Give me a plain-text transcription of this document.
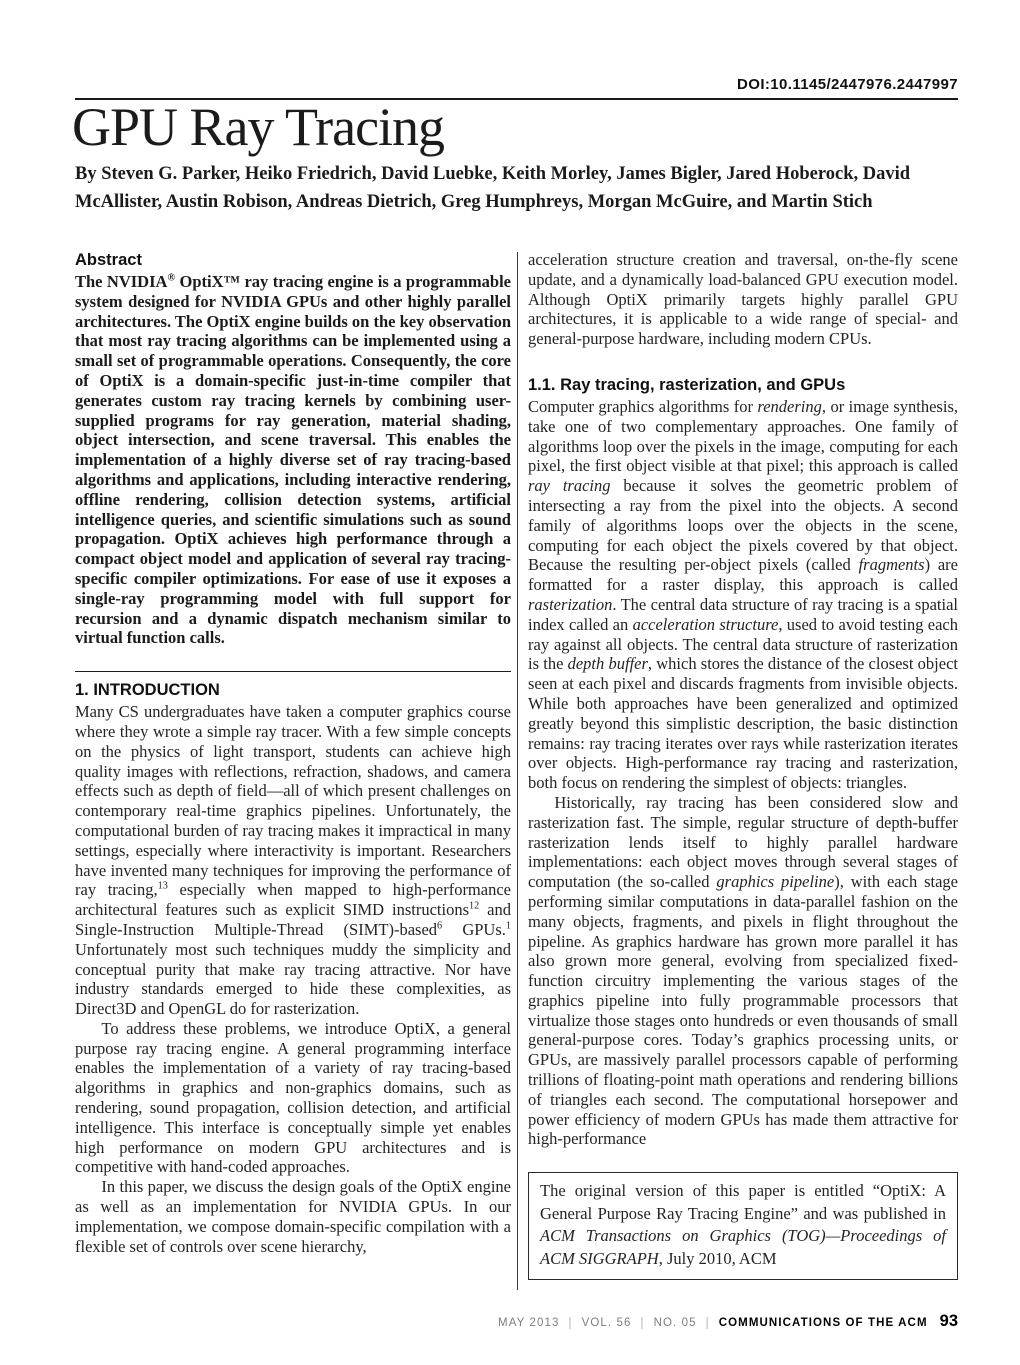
DOI:10.1145/2447976.2447997
GPU Ray Tracing
By Steven G. Parker, Heiko Friedrich, David Luebke, Keith Morley, James Bigler, Jared Hoberock, David McAllister, Austin Robison, Andreas Dietrich, Greg Humphreys, Morgan McGuire, and Martin Stich
Abstract

The NVIDIA® OptiX™ ray tracing engine is a programmable system designed for NVIDIA GPUs and other highly parallel architectures. The OptiX engine builds on the key observation that most ray tracing algorithms can be implemented using a small set of programmable operations. Consequently, the core of OptiX is a domain-specific just-in-time compiler that generates custom ray tracing kernels by combining user-supplied programs for ray generation, material shading, object intersection, and scene traversal. This enables the implementation of a highly diverse set of ray tracing-based algorithms and applications, including interactive rendering, offline rendering, collision detection systems, artificial intelligence queries, and scientific simulations such as sound propagation. OptiX achieves high performance through a compact object model and application of several ray tracing-specific compiler optimizations. For ease of use it exposes a single-ray programming model with full support for recursion and a dynamic dispatch mechanism similar to virtual function calls.

1. INTRODUCTION

Many CS undergraduates have taken a computer graphics course where they wrote a simple ray tracer. With a few simple concepts on the physics of light transport, students can achieve high quality images with reflections, refraction, shadows, and camera effects such as depth of field—all of which present challenges on contemporary real-time graphics pipelines. Unfortunately, the computational burden of ray tracing makes it impractical in many settings, especially where interactivity is important. Researchers have invented many techniques for improving the performance of ray tracing,$^{13}$ especially when mapped to high-performance architectural features such as explicit SIMD instructions$^{12}$ and Single-Instruction Multiple-Thread (SIMT)-based$^6$ GPUs.$^1$ Unfortunately most such techniques muddy the simplicity and conceptual purity that make ray tracing attractive. Nor have industry standards emerged to hide these complexities, as Direct3D and OpenGL do for rasterization.

To address these problems, we introduce OptiX, a general purpose ray tracing engine. A general programming interface enables the implementation of a variety of ray tracing-based algorithms in graphics and non-graphics domains, such as rendering, sound propagation, collision detection, and artificial intelligence. This interface is conceptually simple yet enables high performance on modern GPU architectures and is competitive with hand-coded approaches.

In this paper, we discuss the design goals of the OptiX engine as well as an implementation for NVIDIA GPUs. In our implementation, we compose domain-specific compilation with a flexible set of controls over scene hierarchy,

acceleration structure creation and traversal, on-the-fly scene update, and a dynamically load-balanced GPU execution model. Although OptiX primarily targets highly parallel GPU architectures, it is applicable to a wide range of special- and general-purpose hardware, including modern CPUs.

1.1. Ray tracing, rasterization, and GPUs

Computer graphics algorithms for rendering, or image synthesis, take one of two complementary approaches. One family of algorithms loop over the pixels in the image, computing for each pixel, the first object visible at that pixel; this approach is called ray tracing because it solves the geometric problem of intersecting a ray from the pixel into the objects. A second family of algorithms loops over the objects in the scene, computing for each object the pixels covered by that object. Because the resulting per-object pixels (called fragments) are formatted for a raster display, this approach is called rasterization. The central data structure of ray tracing is a spatial index called an acceleration structure, used to avoid testing each ray against all objects. The central data structure of rasterization is the depth buffer, which stores the distance of the closest object seen at each pixel and discards fragments from invisible objects. While both approaches have been generalized and optimized greatly beyond this simplistic description, the basic distinction remains: ray tracing iterates over rays while rasterization iterates over objects. High-performance ray tracing and rasterization, both focus on rendering the simplest of objects: triangles.

Historically, ray tracing has been considered slow and rasterization fast. The simple, regular structure of depth-buffer rasterization lends itself to highly parallel hardware implementations: each object moves through several stages of computation (the so-called graphics pipeline), with each stage performing similar computations in data-parallel fashion on the many objects, fragments, and pixels in flight throughout the pipeline. As graphics hardware has grown more parallel it has also grown more general, evolving from specialized fixed-function circuitry implementing the various stages of the graphics pipeline into fully programmable processors that virtualize those stages onto hundreds or even thousands of small general-purpose cores. Today’s graphics processing units, or GPUs, are massively parallel processors capable of performing trillions of floating-point math operations and rendering billions of triangles each second. The computational horsepower and power efficiency of modern GPUs has made them attractive for high-performance

The original version of this paper is entitled “OptiX: A General Purpose Ray Tracing Engine” and was published in ACM Transactions on Graphics (TOG)—Proceedings of ACM SIGGRAPH, July 2010, ACM

MAY 2013 | VOL. 56 | NO. 05 | COMMUNICATIONS OF THE ACM 93
